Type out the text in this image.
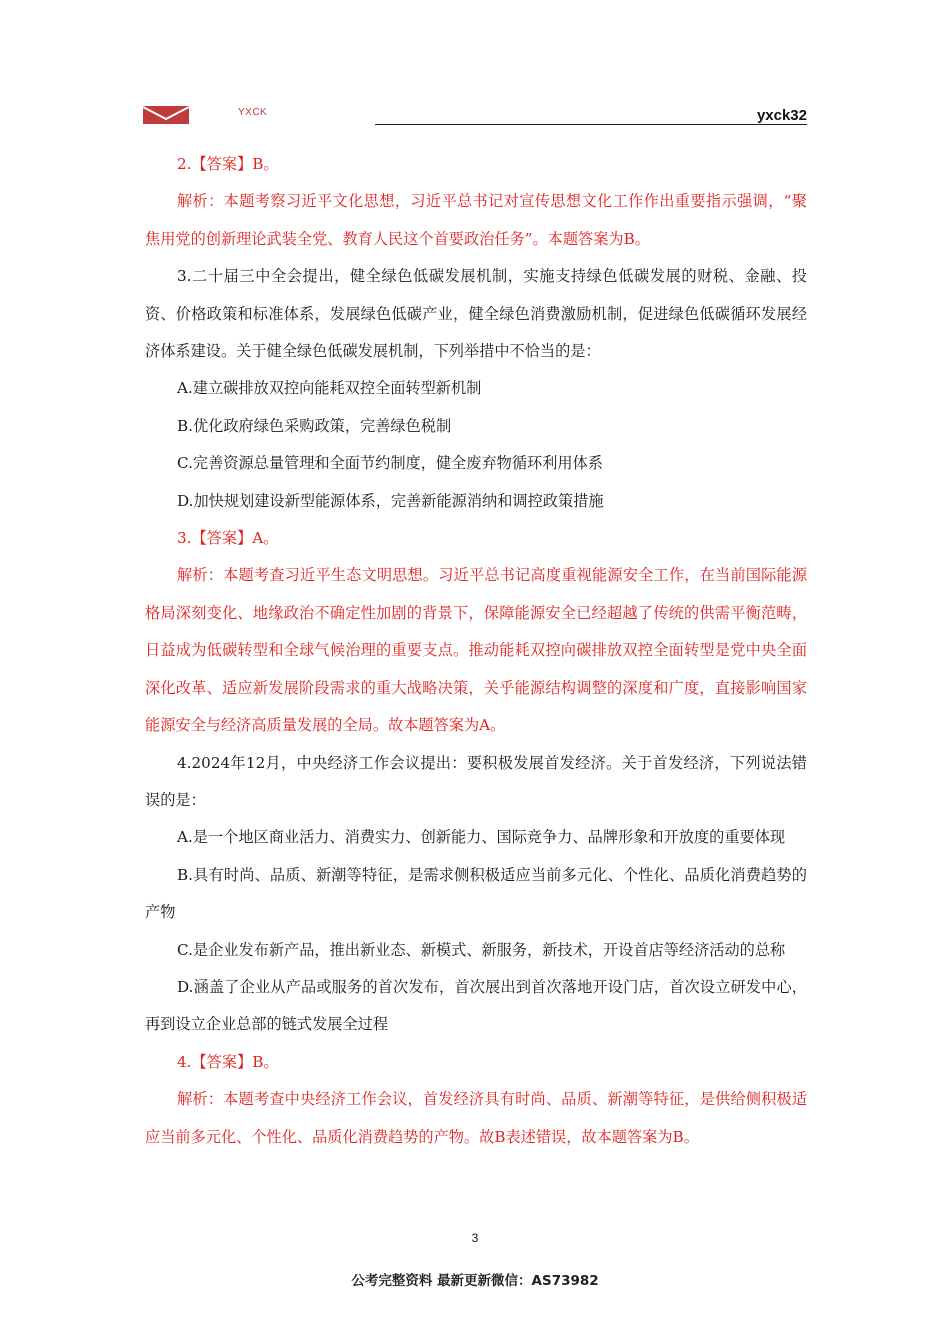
YXCK	yxck32

2.【答案】B。

解析：本题考察习近平文化思想，习近平总书记对宣传思想文化工作作出重要指示强调，“聚焦用党的创新理论武装全党、教育人民这个首要政治任务”。本题答案为B。

3.二十届三中全会提出，健全绿色低碳发展机制，实施支持绿色低碳发展的财税、金融、投资、价格政策和标准体系，发展绿色低碳产业，健全绿色消费激励机制，促进绿色低碳循环发展经济体系建设。关于健全绿色低碳发展机制，下列举措中不恰当的是：

A.建立碳排放双控向能耗双控全面转型新机制

B.优化政府绿色采购政策，完善绿色税制

C.完善资源总量管理和全面节约制度，健全废弃物循环利用体系

D.加快规划建设新型能源体系，完善新能源消纳和调控政策措施

3.【答案】A。

解析：本题考查习近平生态文明思想。习近平总书记高度重视能源安全工作，在当前国际能源格局深刻变化、地缘政治不确定性加剧的背景下，保障能源安全已经超越了传统的供需平衡范畴，日益成为低碳转型和全球气候治理的重要支点。推动能耗双控向碳排放双控全面转型是党中央全面深化改革、适应新发展阶段需求的重大战略决策，关乎能源结构调整的深度和广度，直接影响国家能源安全与经济高质量发展的全局。故本题答案为A。

4.2024年12月，中央经济工作会议提出：要积极发展首发经济。关于首发经济，下列说法错误的是：

A.是一个地区商业活力、消费实力、创新能力、国际竞争力、品牌形象和开放度的重要体现

B.具有时尚、品质、新潮等特征，是需求侧积极适应当前多元化、个性化、品质化消费趋势的产物

C.是企业发布新产品，推出新业态、新模式、新服务，新技术，开设首店等经济活动的总称

D.涵盖了企业从产品或服务的首次发布，首次展出到首次落地开设门店，首次设立研发中心，再到设立企业总部的链式发展全过程

4.【答案】B。

解析：本题考查中央经济工作会议，首发经济具有时尚、品质、新潮等特征，是供给侧积极适应当前多元化、个性化、品质化消费趋势的产物。故B表述错误，故本题答案为B。

3
公考完整资料 最新更新微信：AS73982
